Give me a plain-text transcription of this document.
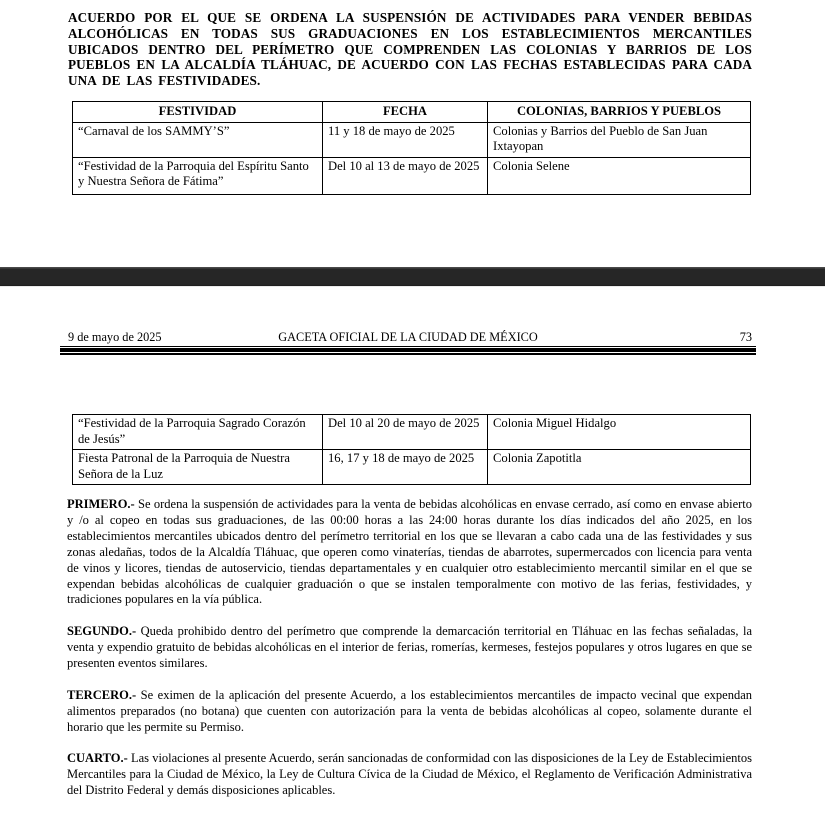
ACUERDO POR EL QUE SE ORDENA LA SUSPENSIÓN DE ACTIVIDADES PARA VENDER BEBIDAS ALCOHÓLICAS EN TODAS SUS GRADUACIONES EN LOS ESTABLECIMIENTOS MERCANTILES UBICADOS DENTRO DEL PERÍMETRO QUE COMPRENDEN LAS COLONIAS Y BARRIOS DE LOS PUEBLOS EN LA ALCALDÍA TLÁHUAC, DE ACUERDO CON LAS FECHAS ESTABLECIDAS PARA CADA UNA DE LAS FESTIVIDADES.

FESTIVIDAD	FECHA	COLONIAS, BARRIOS Y PUEBLOS
“Carnaval de los SAMMY’S”	11 y 18 de mayo de 2025	Colonias y Barrios del Pueblo de San Juan Ixtayopan
“Festividad de la Parroquia del Espíritu Santo y Nuestra Señora de Fátima”	Del 10 al 13 de mayo de 2025	Colonia Selene
9 de mayo de 2025	GACETA OFICIAL DE LA CIUDAD DE MÉXICO	73
“Festividad de la Parroquia Sagrado Corazón de Jesús”	Del 10 al 20 de mayo de 2025	Colonia Miguel Hidalgo
Fiesta Patronal de la Parroquia de Nuestra Señora de la Luz	16, 17 y 18 de mayo de 2025	Colonia Zapotitla

PRIMERO.- Se ordena la suspensión de actividades para la venta de bebidas alcohólicas en envase cerrado, así como en envase abierto y /o al copeo en todas sus graduaciones, de las 00:00 horas a las 24:00 horas durante los días indicados del año 2025, en los establecimientos mercantiles ubicados dentro del perímetro territorial en los que se llevaran a cabo cada una de las festividades y sus zonas aledañas, todos de la Alcaldía Tláhuac, que operen como vinaterías, tiendas de abarrotes, supermercados con licencia para venta de vinos y licores, tiendas de autoservicio, tiendas departamentales y en cualquier otro establecimiento mercantil similar en el que se expendan bebidas alcohólicas de cualquier graduación o que se instalen temporalmente con motivo de las ferias, festividades, y tradiciones populares en la vía pública.

SEGUNDO.- Queda prohibido dentro del perímetro que comprende la demarcación territorial en Tláhuac en las fechas señaladas, la venta y expendio gratuito de bebidas alcohólicas en el interior de ferias, romerías, kermeses, festejos populares y otros lugares en que se presenten eventos similares.

TERCERO.- Se eximen de la aplicación del presente Acuerdo, a los establecimientos mercantiles de impacto vecinal que expendan alimentos preparados (no botana) que cuenten con autorización para la venta de bebidas alcohólicas al copeo, solamente durante el horario que les permite su Permiso.

CUARTO.- Las violaciones al presente Acuerdo, serán sancionadas de conformidad con las disposiciones de la Ley de Establecimientos Mercantiles para la Ciudad de México, la Ley de Cultura Cívica de la Ciudad de México, el Reglamento de Verificación Administrativa del Distrito Federal y demás disposiciones aplicables.
